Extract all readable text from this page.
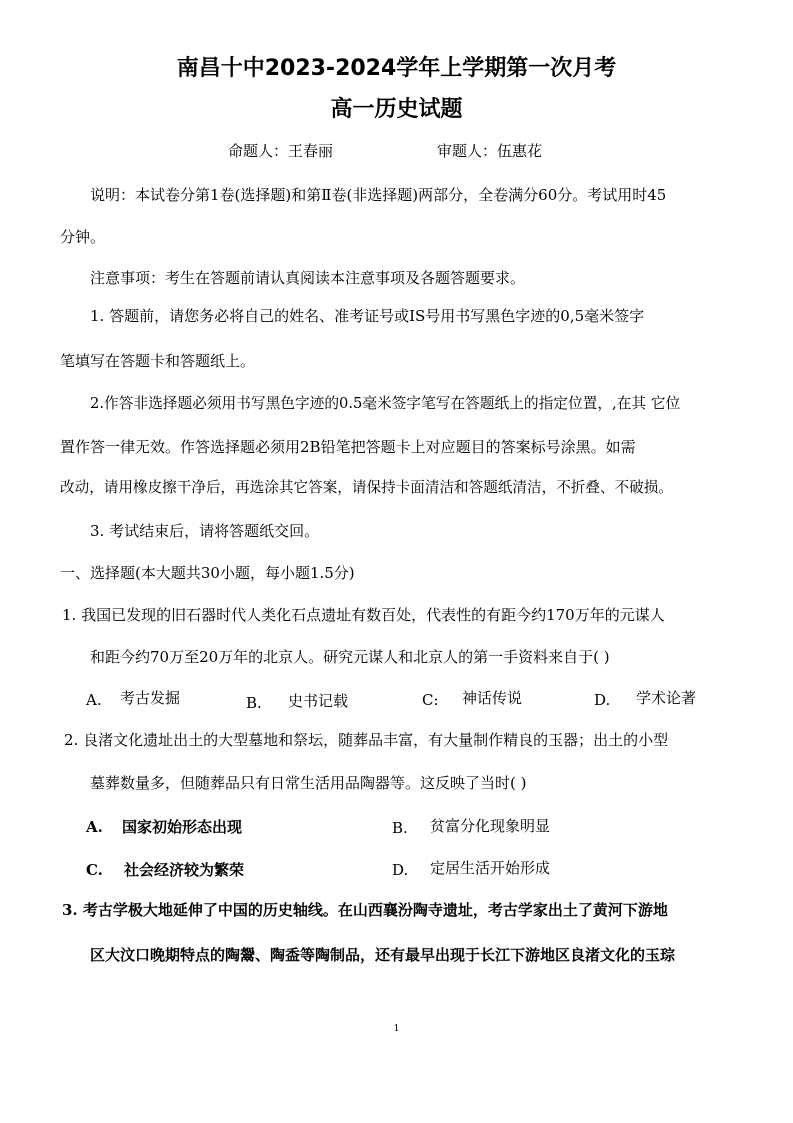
南昌十中2023-2024学年上学期第一次月考
高一历史试题
命题人：王春丽	审题人：伍惠花
说明：本试卷分第1卷(选择题)和第Ⅱ卷(非选择题)两部分，全卷满分60分。考试用时45
分钟。
注意事项：考生在答题前请认真阅读本注意事项及各题答题要求。
1. 答题前，请您务必将自己的姓名、准考证号或IS号用书写黑色字迹的0,5毫米签字
笔填写在答题卡和答题纸上。
2.作答非选择题必须用书写黑色字迹的0.5毫米签字笔写在答题纸上的指定位置，,在其 它位
置作答一律无效。作答选择题必须用2B铅笔把答题卡上对应题目的答案标号涂黑。如需
改动，请用橡皮擦干净后，再选涂其它答案，请保持卡面清洁和答题纸清洁，不折叠、不破损。
3. 考试结束后，请将答题纸交回。
一、选择题(本大题共30小题，每小题1.5分)
1. 我国已发现的旧石器时代人类化石点遗址有数百处，代表性的有距今约170万年的元谋人
和距今约70万至20万年的北京人。研究元谋人和北京人的第一手资料来自于( )
A. 考古发掘	B. 史书记载	C: 神话传说	D. 学术论著
2. 良渚文化遗址出土的大型墓地和祭坛，随葬品丰富，有大量制作精良的玉器；出土的小型
墓葬数量多，但随葬品只有日常生活用品陶器等。这反映了当时( )
A. 国家初始形态出现	B. 贫富分化现象明显
C. 社会经济较为繁荣	D. 定居生活开始形成
3. 考古学极大地延伸了中国的历史轴线。在山西襄汾陶寺遗址，考古学家出土了黄河下游地
区大汶口晚期特点的陶鬶、陶盉等陶制品，还有最早出现于长江下游地区良渚文化的玉琮
1
